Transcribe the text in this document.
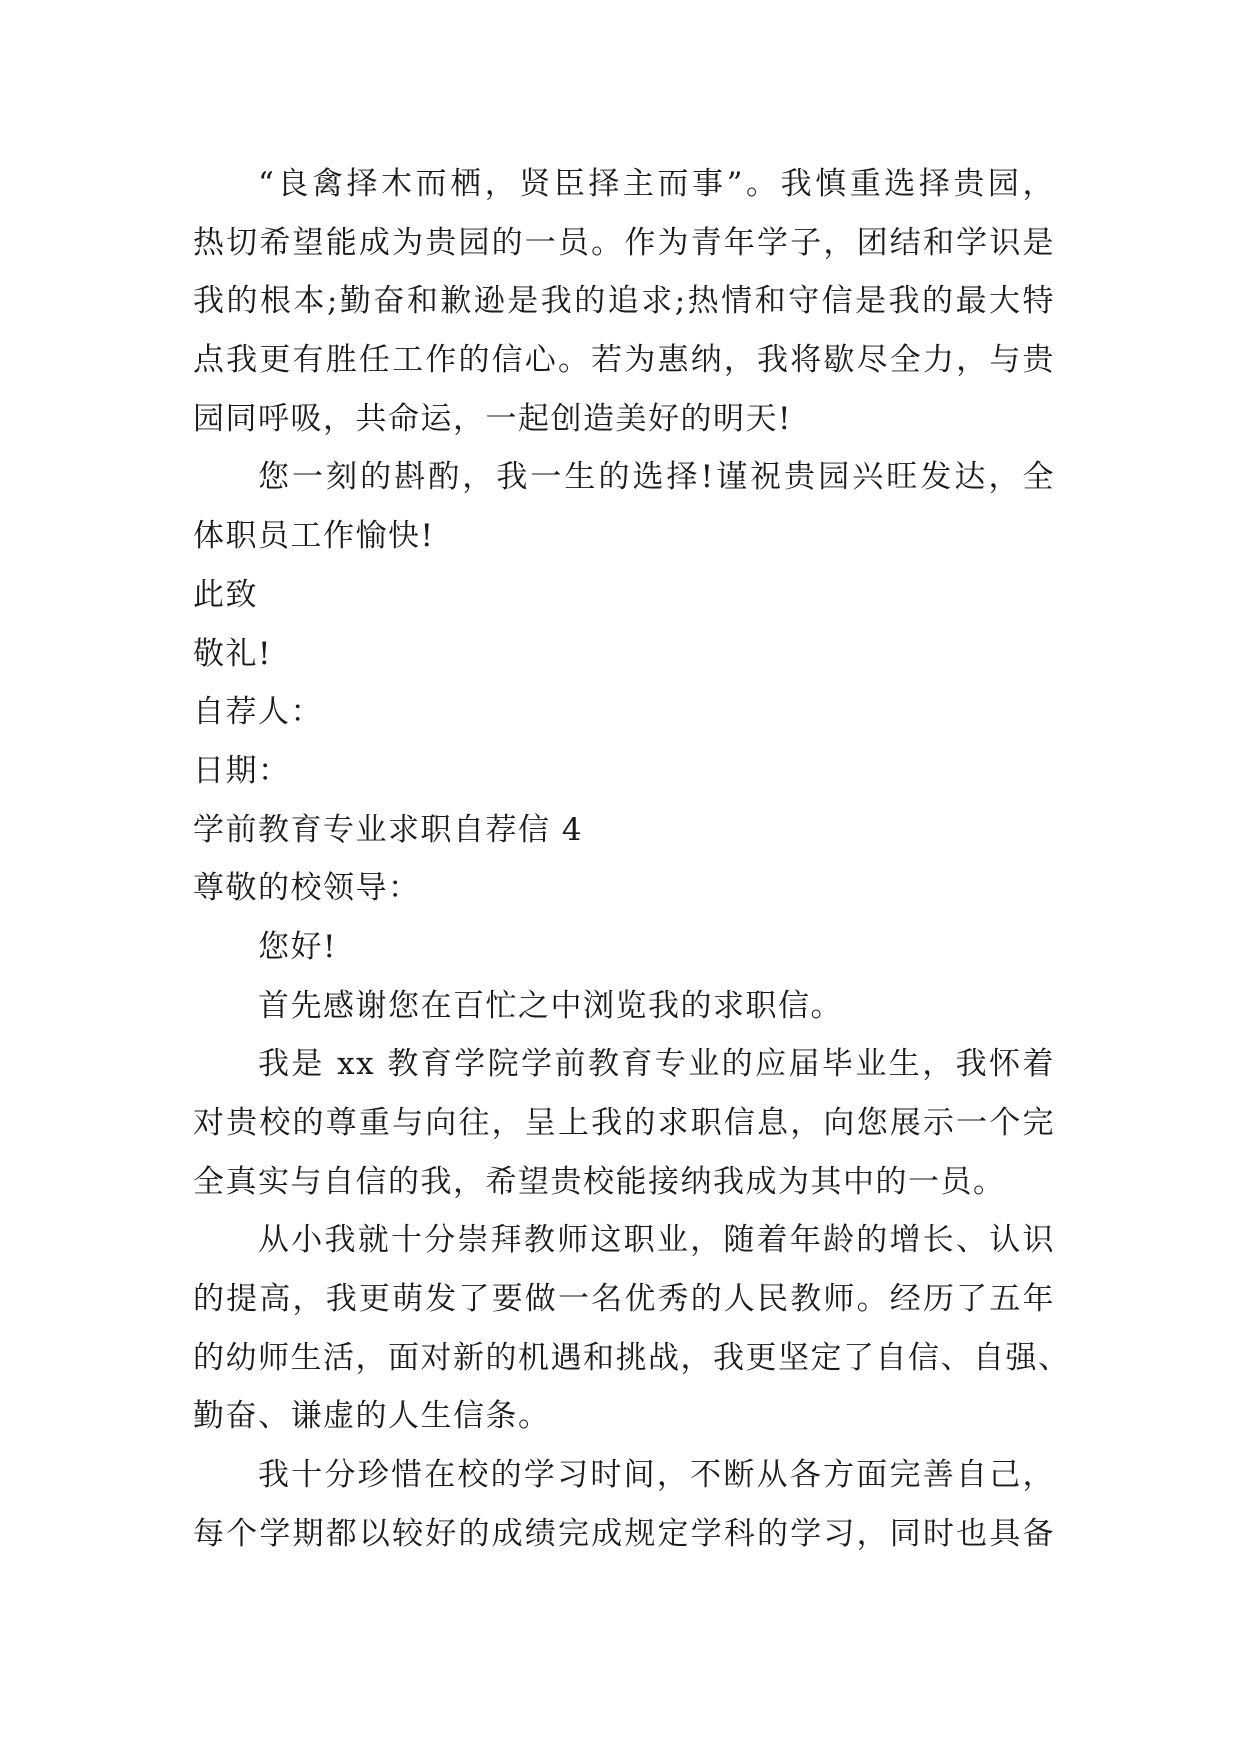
“良禽择木而栖，贤臣择主而事”。我慎重选择贵园，
热切希望能成为贵园的一员。作为青年学子，团结和学识是
我的根本;勤奋和歉逊是我的追求;热情和守信是我的最大特
点我更有胜任工作的信心。若为惠纳，我将歇尽全力，与贵
园同呼吸，共命运，一起创造美好的明天!
您一刻的斟酌，我一生的选择!谨祝贵园兴旺发达，全
体职员工作愉快!
此致
敬礼!
自荐人：
日期：
学前教育专业求职自荐信 4
尊敬的校领导：
您好!
首先感谢您在百忙之中浏览我的求职信。
我是 xx 教育学院学前教育专业的应届毕业生，我怀着
对贵校的尊重与向往，呈上我的求职信息，向您展示一个完
全真实与自信的我，希望贵校能接纳我成为其中的一员。
从小我就十分崇拜教师这职业，随着年龄的增长、认识
的提高，我更萌发了要做一名优秀的人民教师。经历了五年
的幼师生活，面对新的机遇和挑战，我更坚定了自信、自强、
勤奋、谦虚的人生信条。
我十分珍惜在校的学习时间，不断从各方面完善自己，
每个学期都以较好的成绩完成规定学科的学习，同时也具备
